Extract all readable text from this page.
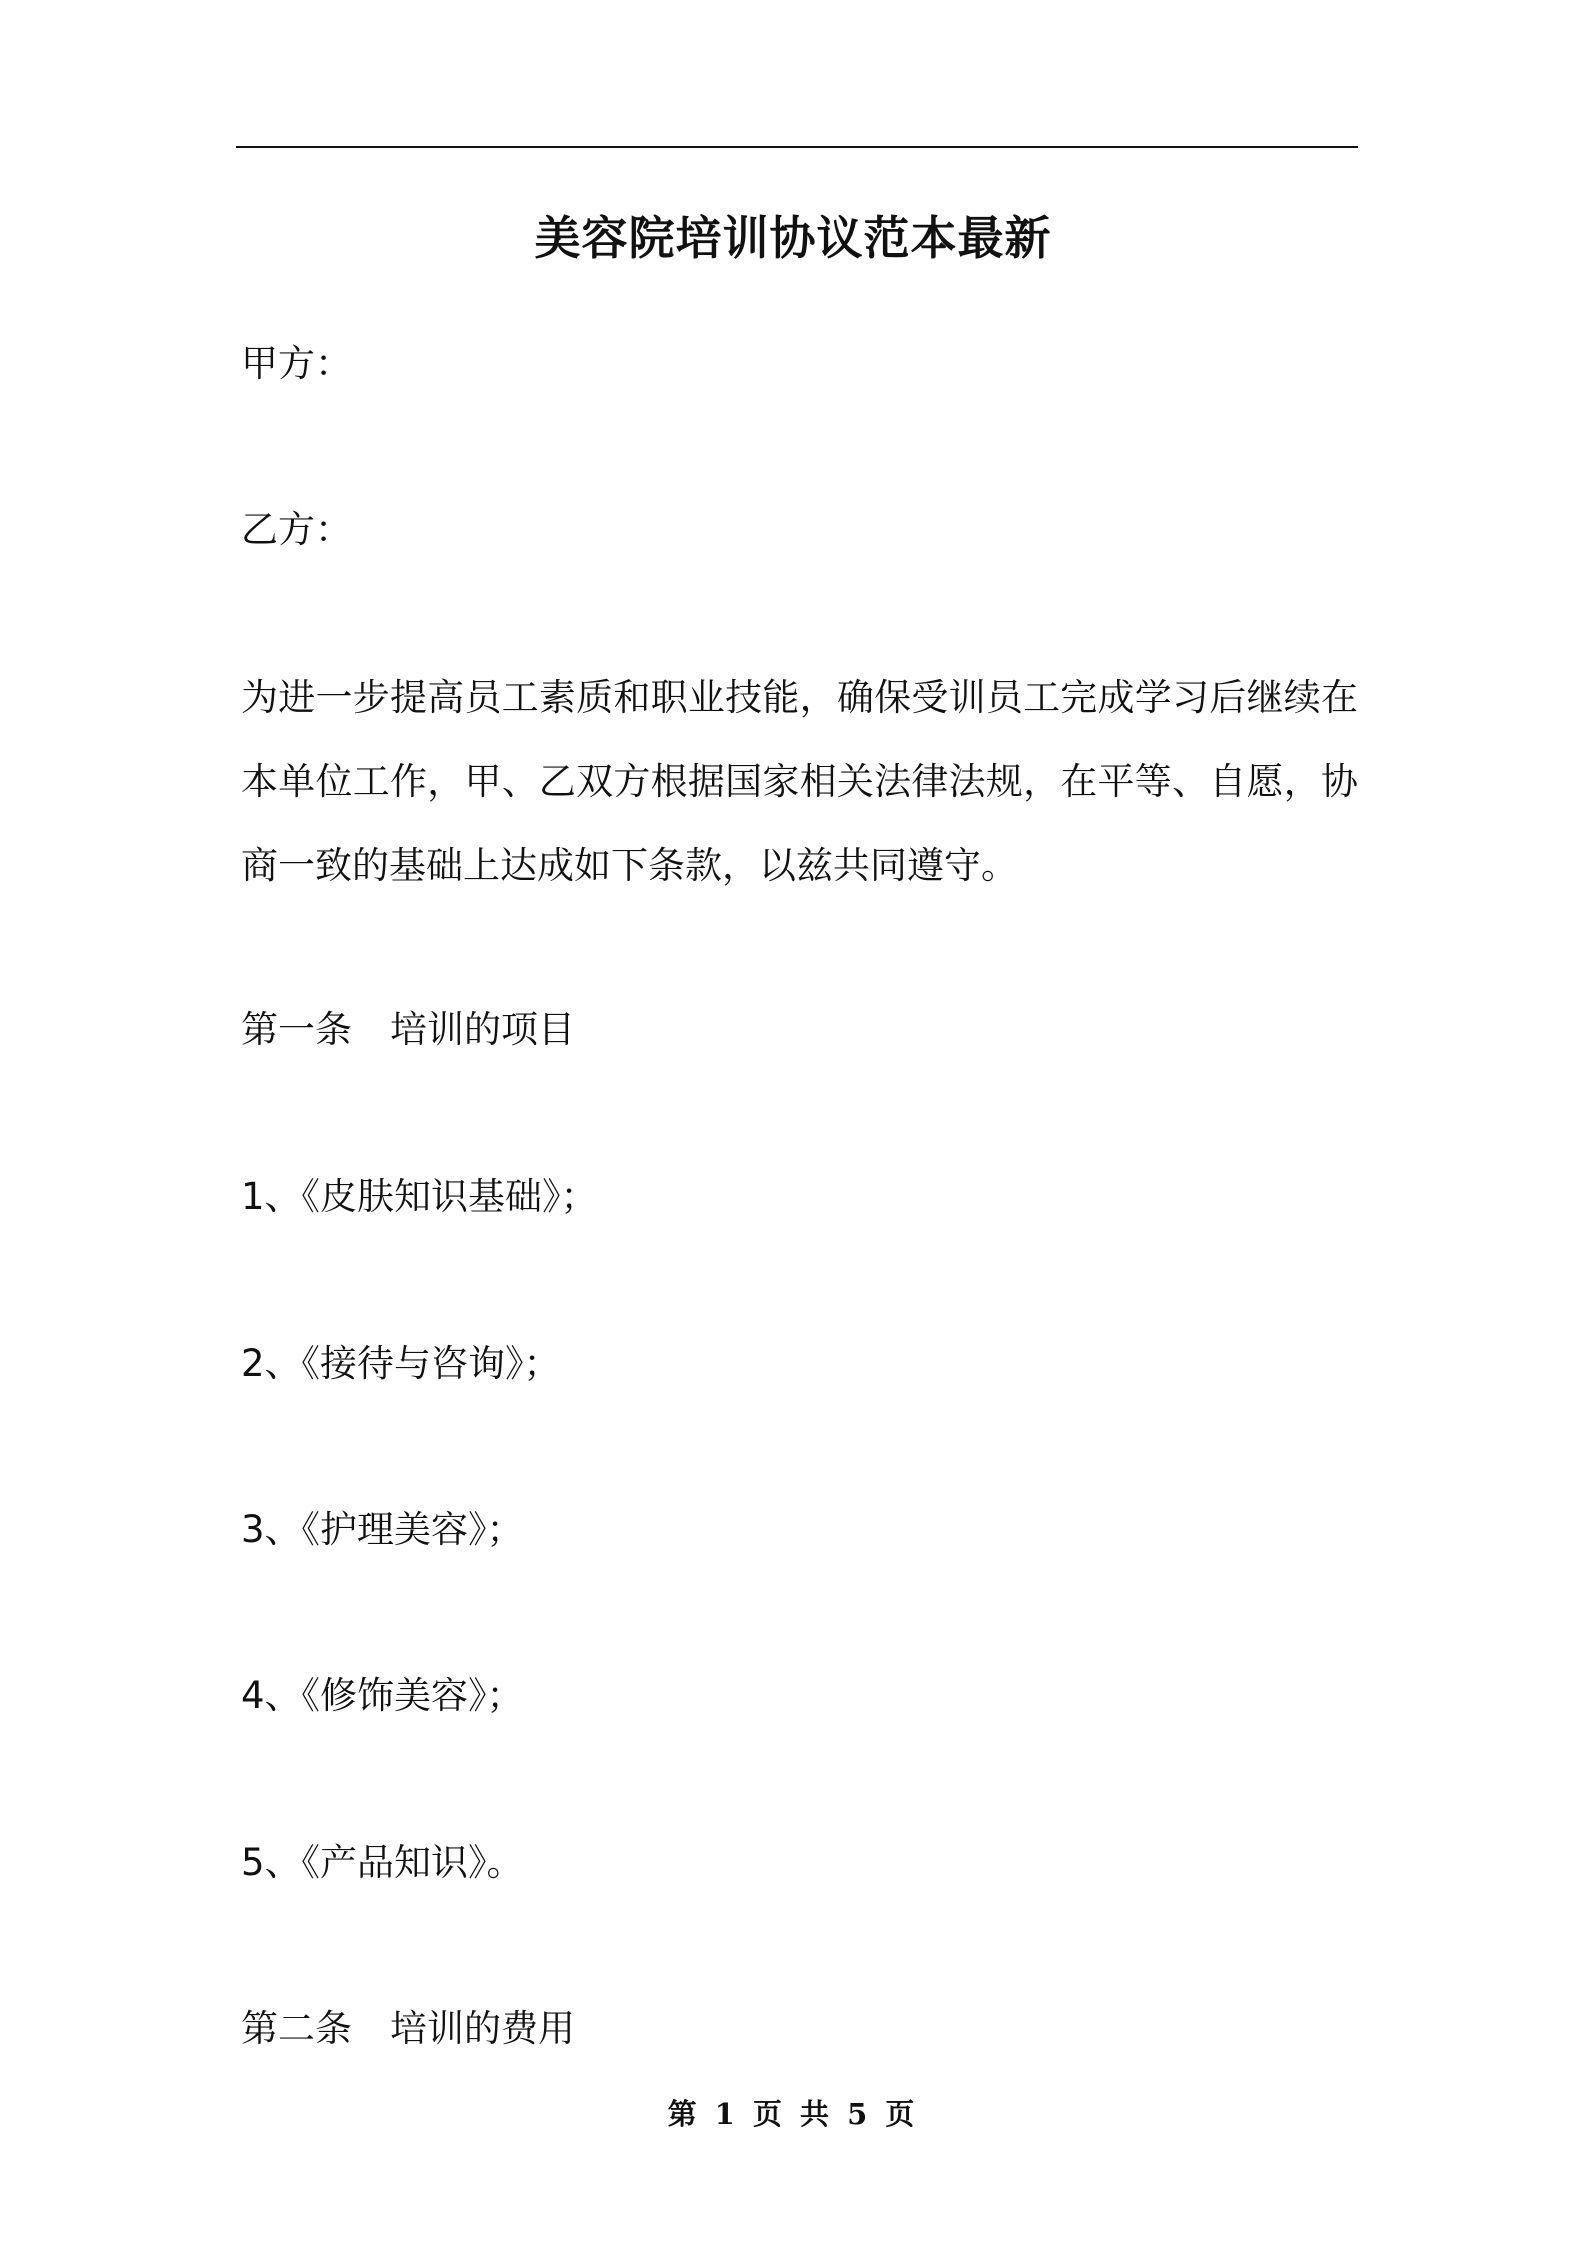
美容院培训协议范本最新
甲方：
乙方：
为进一步提高员工素质和职业技能，确保受训员工完成学习后继续在
本单位工作，甲、乙双方根据国家相关法律法规，在平等、自愿，协
商一致的基础上达成如下条款，以兹共同遵守。
第一条 培训的项目
1、《皮肤知识基础》；
2、《接待与咨询》；
3、《护理美容》；
4、《修饰美容》；
5、《产品知识》。
第二条 培训的费用
第 1 页 共 5 页
